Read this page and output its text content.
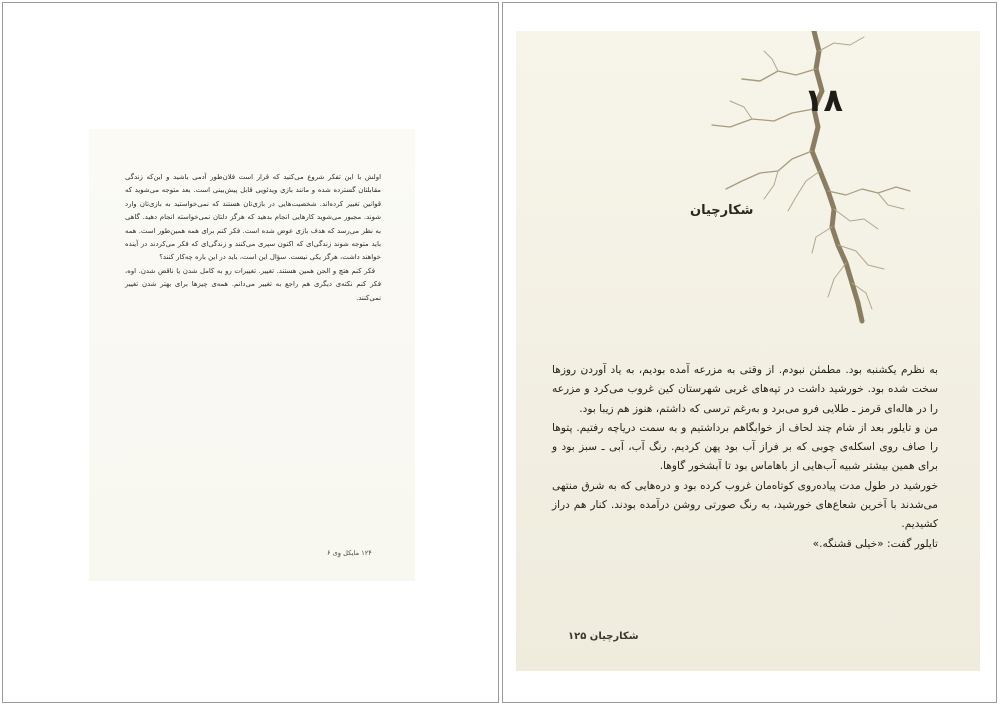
اولش با این تفکر شروع می‌کنید که قرار است فلان‌طور آدمی باشید و این‌که زندگی مقابلتان گسترده شده و مانند بازی ویدئویی قابل پیش‌بینی است. بعد متوجه می‌شوید که قوانین تغییر کرده‌اند. شخصیت‌هایی در بازی‌تان هستند که نمی‌خواستید به بازی‌تان وارد شوند. مجبور می‌شوید کارهایی انجام بدهید که هرگز دلتان نمی‌خواسته انجام دهید. گاهی به نظر می‌رسد که هدف بازی عوض شده است. فکر کنم برای همه همین‌طور است. همه باید متوجه شوند زندگی‌ای که اکنون سپری می‌کنند و زندگی‌ای که فکر می‌کردند در آینده خواهند داشت، هرگز یکی نیست. سؤال این است، باید در این باره چه‌کار کنند؟

فکر کنم هتچ و الجن همین هستند. تغییر. تغییرات رو به کامل شدن یا ناقص شدن. اوه، فکر کنم نکته‌ی دیگری هم راجع به تغییر می‌دانم. همه‌ی چیزها برای بهتر شدن تغییر نمی‌کنند.

۱۲۴ مایکل وِی ۶
۱۸
شکارچیان

به نظرم یکشنبه بود. مطمئن نبودم. از وقتی به مزرعه آمده بودیم، به یاد آوردن روزها سخت شده بود. خورشید داشت در تپه‌های غربی شهرستان کین غروب می‌کرد و مزرعه را در هاله‌ای قرمز ـ طلایی فرو می‌برد و به‌رغم ترسی که داشتم، هنوز هم زیبا بود.

من و تایلور بعد از شام چند لحاف از خوابگاهم برداشتیم و به سمت دریاچه رفتیم. پتوها را صاف روی اسکله‌ی چوبی که بر فراز آب بود پهن کردیم. رنگ آب، آبی ـ سبز بود و برای همین بیشتر شبیه آب‌هایی از باهاماس بود تا آبشخور گاوها.

خورشید در طول مدت پیاده‌روی کوتاه‌مان غروب کرده بود و دره‌هایی که به شرق منتهی می‌شدند با آخرین شعاع‌های خورشید، به رنگ صورتی روشن درآمده بودند. کنار هم دراز کشیدیم.

تایلور گفت: «خیلی قشنگه.»

شکارچیان ۱۲۵
